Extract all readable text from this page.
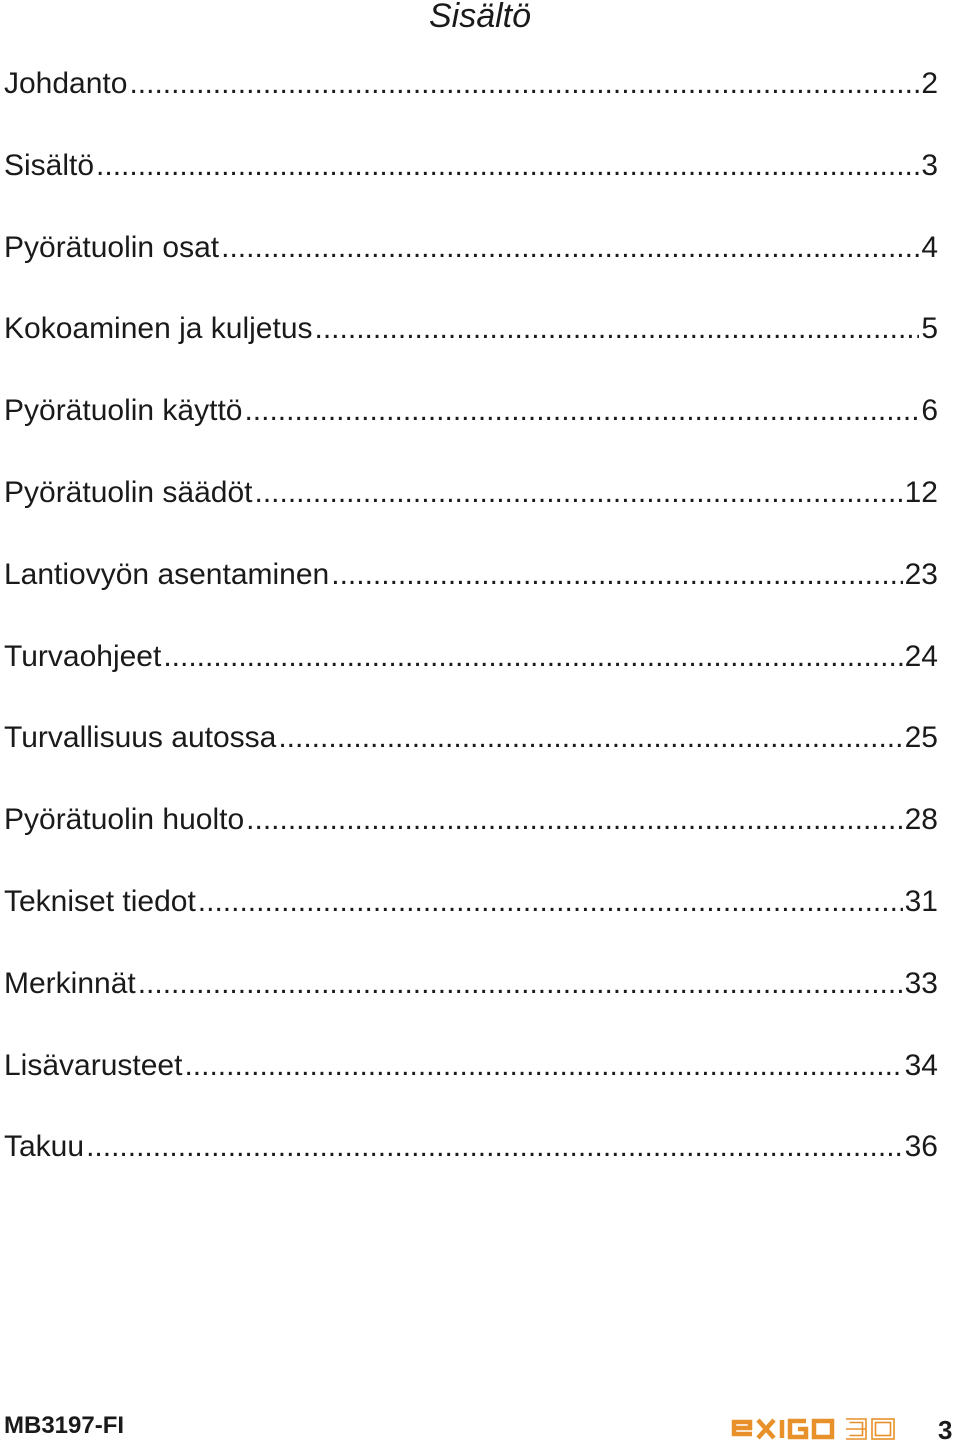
Sisältö
Johdanto .....	2
Sisältö .....	3
Pyörätuolin osat .....	4
Kokoaminen ja kuljetus .....	5
Pyörätuolin käyttö .....	6
Pyörätuolin säädöt .....	12
Lantiovyön asentaminen .....	23
Turvaohjeet .....	24
Turvallisuus autossa .....	25
Pyörätuolin huolto .....	28
Tekniset tiedot .....	31
Merkinnät .....	33
Lisävarusteet .....	34
Takuu .....	36
MB3197-FI	3
